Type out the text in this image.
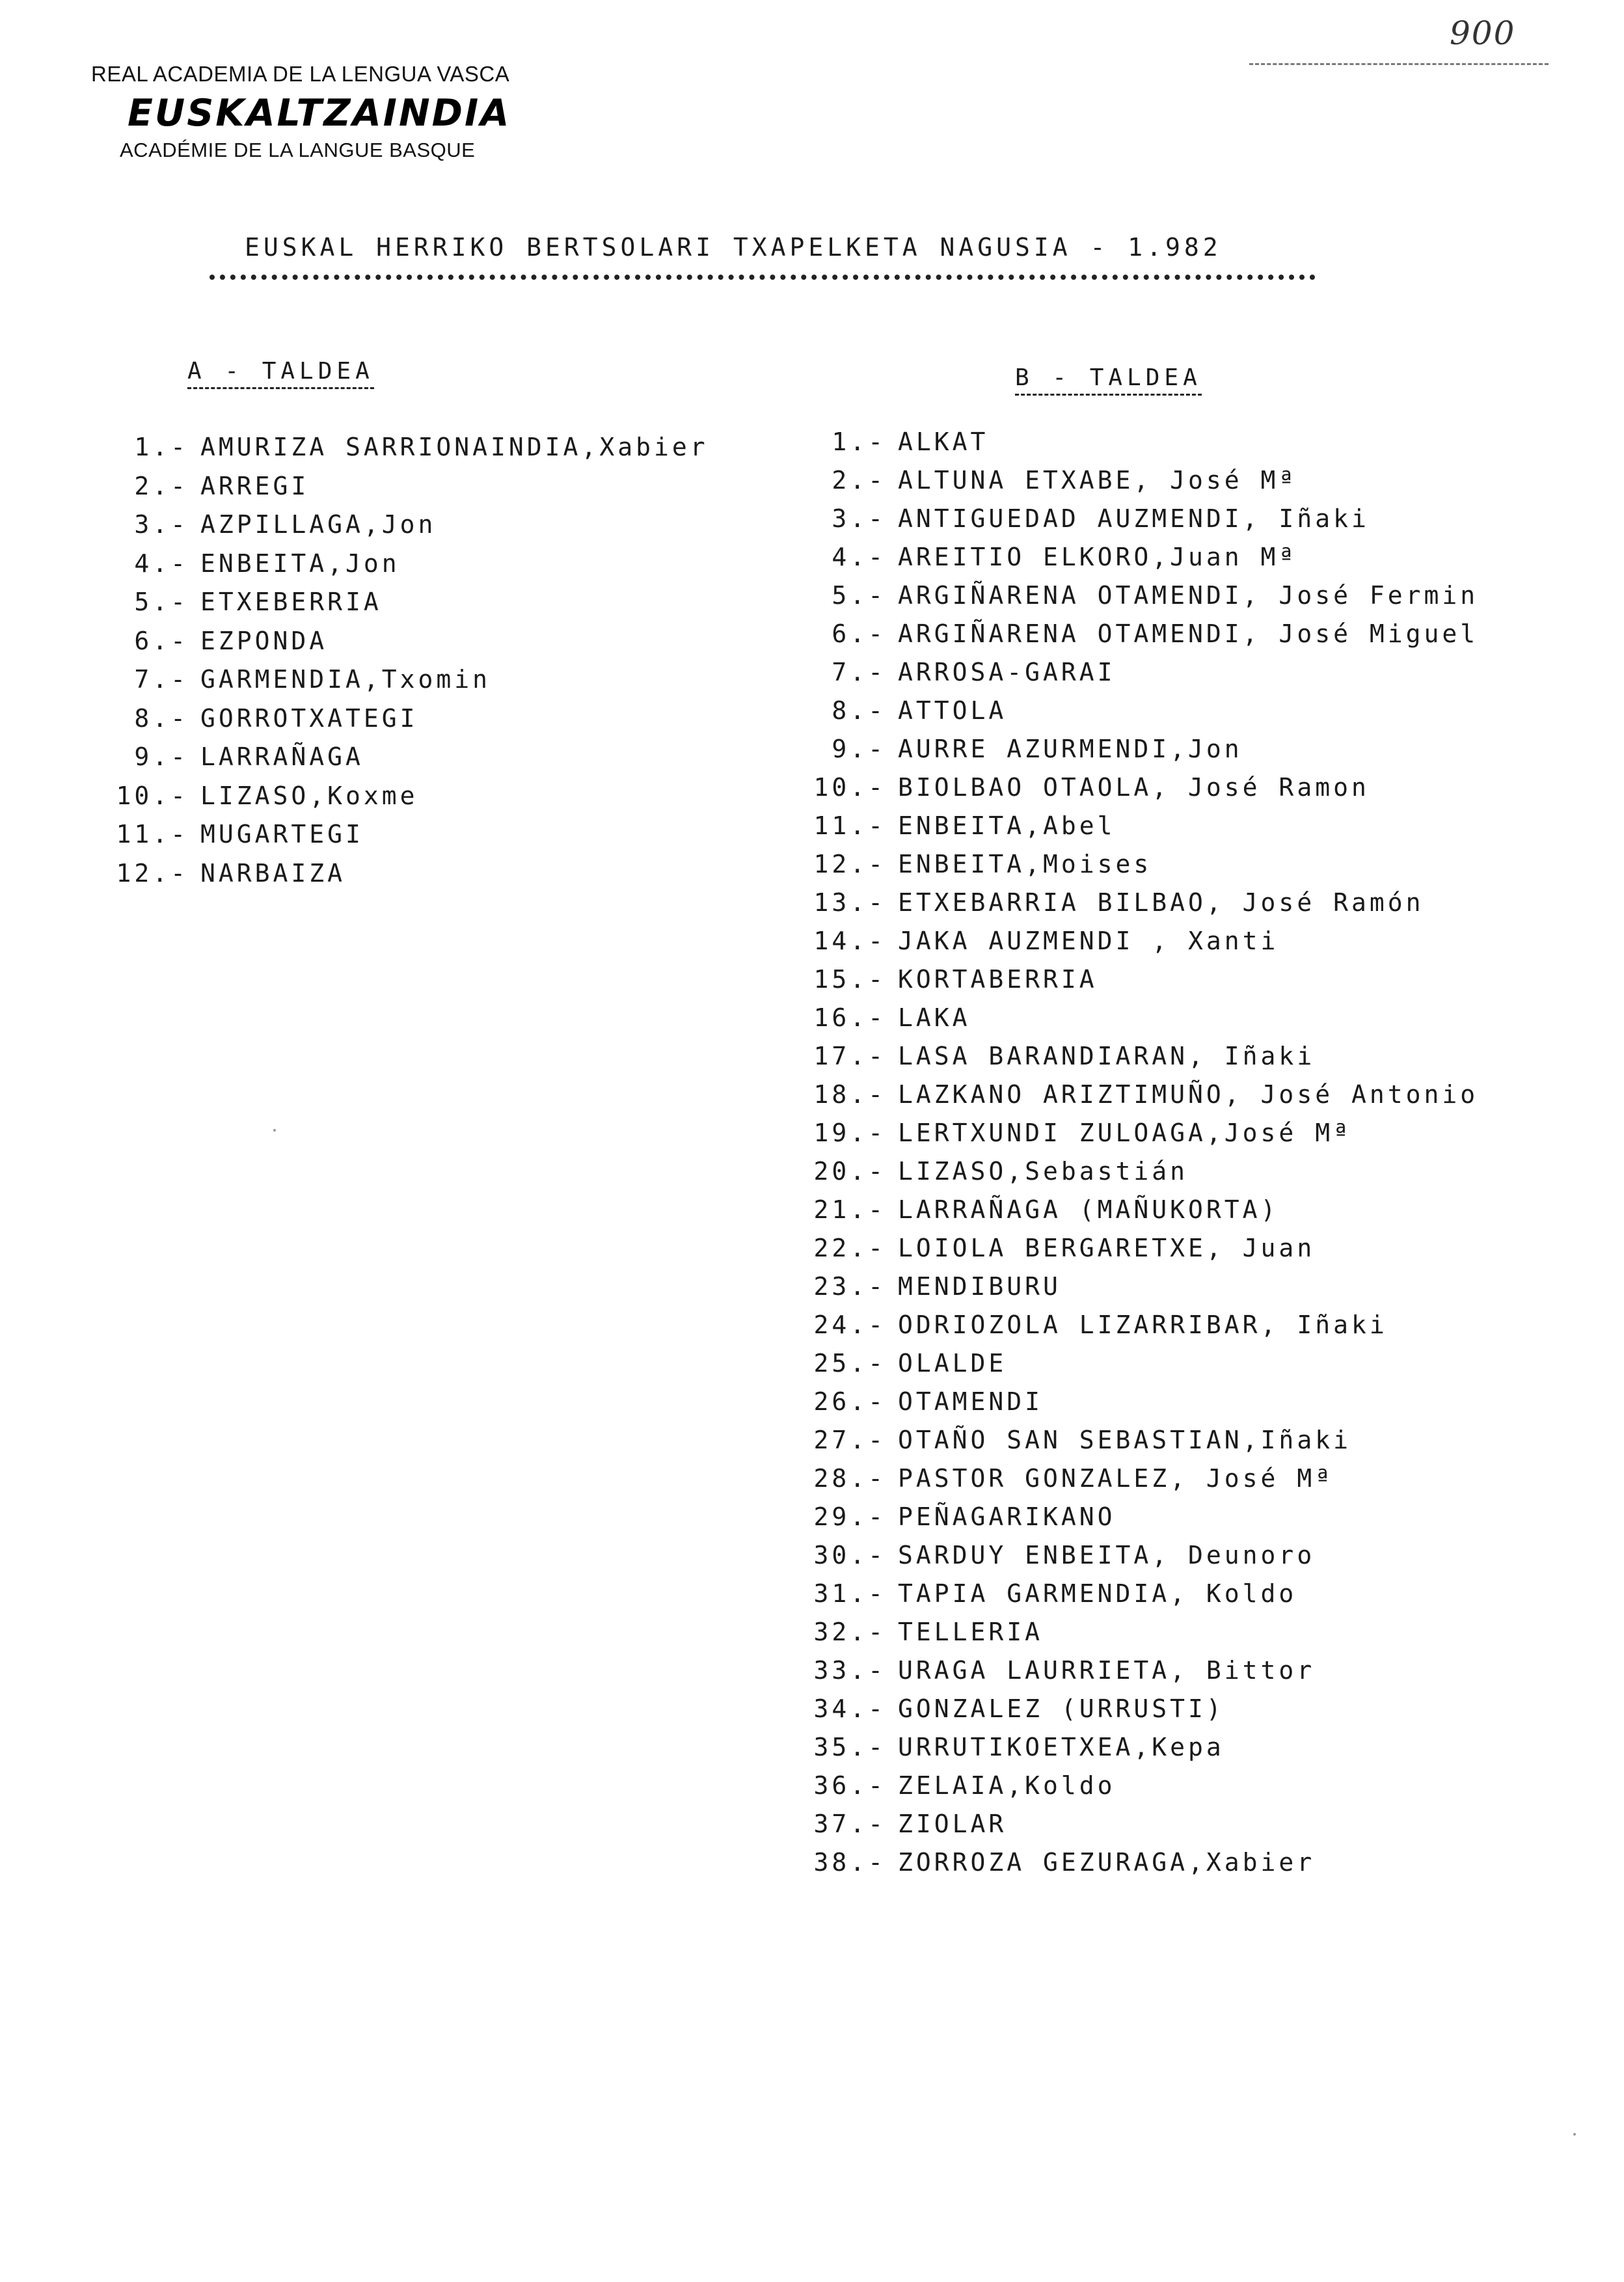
900
REAL ACADEMIA DE LA LENGUA VASCA
EUSKALTZAINDIA
ACADÉMIE DE LA LANGUE BASQUE
EUSKAL HERRIKO BERTSOLARI TXAPELKETA NAGUSIA - 1.982
A - TALDEA
1.- AMURIZA SARRIONAINDIA,Xabier
2.- ARREGI
3.- AZPILLAGA,Jon
4.- ENBEITA,Jon
5.- ETXEBERRIA
6.- EZPONDA
7.- GARMENDIA,Txomin
8.- GORROTXATEGI
9.- LARRAÑAGA
10.- LIZASO,Koxme
11.- MUGARTEGI
12.- NARBAIZA
B - TALDEA
1.- ALKAT
2.- ALTUNA ETXABE, José Mª
3.- ANTIGUEDAD AUZMENDI, Iñaki
4.- AREITIO ELKORO,Juan Mª
5.- ARGIÑARENA OTAMENDI, José Fermin
6.- ARGIÑARENA OTAMENDI, José Miguel
7.- ARROSA-GARAI
8.- ATTOLA
9.- AURRE AZURMENDI,Jon
10.- BIOLBAO OTAOLA, José Ramon
11.- ENBEITA,Abel
12.- ENBEITA,Moises
13.- ETXEBARRIA BILBAO, José Ramón
14.- JAKA AUZMENDI , Xanti
15.- KORTABERRIA
16.- LAKA
17.- LASA BARANDIARAN, Iñaki
18.- LAZKANO ARIZTIMUÑO, José Antonio
19.- LERTXUNDI ZULOAGA,José Mª
20.- LIZASO,Sebastián
21.- LARRAÑAGA (MAÑUKORTA)
22.- LOIOLA BERGARETXE, Juan
23.- MENDIBURU
24.- ODRIOZOLA LIZARRIBAR, Iñaki
25.- OLALDE
26.- OTAMENDI
27.- OTAÑO SAN SEBASTIAN,Iñaki
28.- PASTOR GONZALEZ, José Mª
29.- PEÑAGARIKANO
30.- SARDUY ENBEITA, Deunoro
31.- TAPIA GARMENDIA, Koldo
32.- TELLERIA
33.- URAGA LAURRIETA, Bittor
34.- GONZALEZ (URRUSTI)
35.- URRUTIKOETXEA,Kepa
36.- ZELAIA,Koldo
37.- ZIOLAR
38.- ZORROZA GEZURAGA,Xabier
